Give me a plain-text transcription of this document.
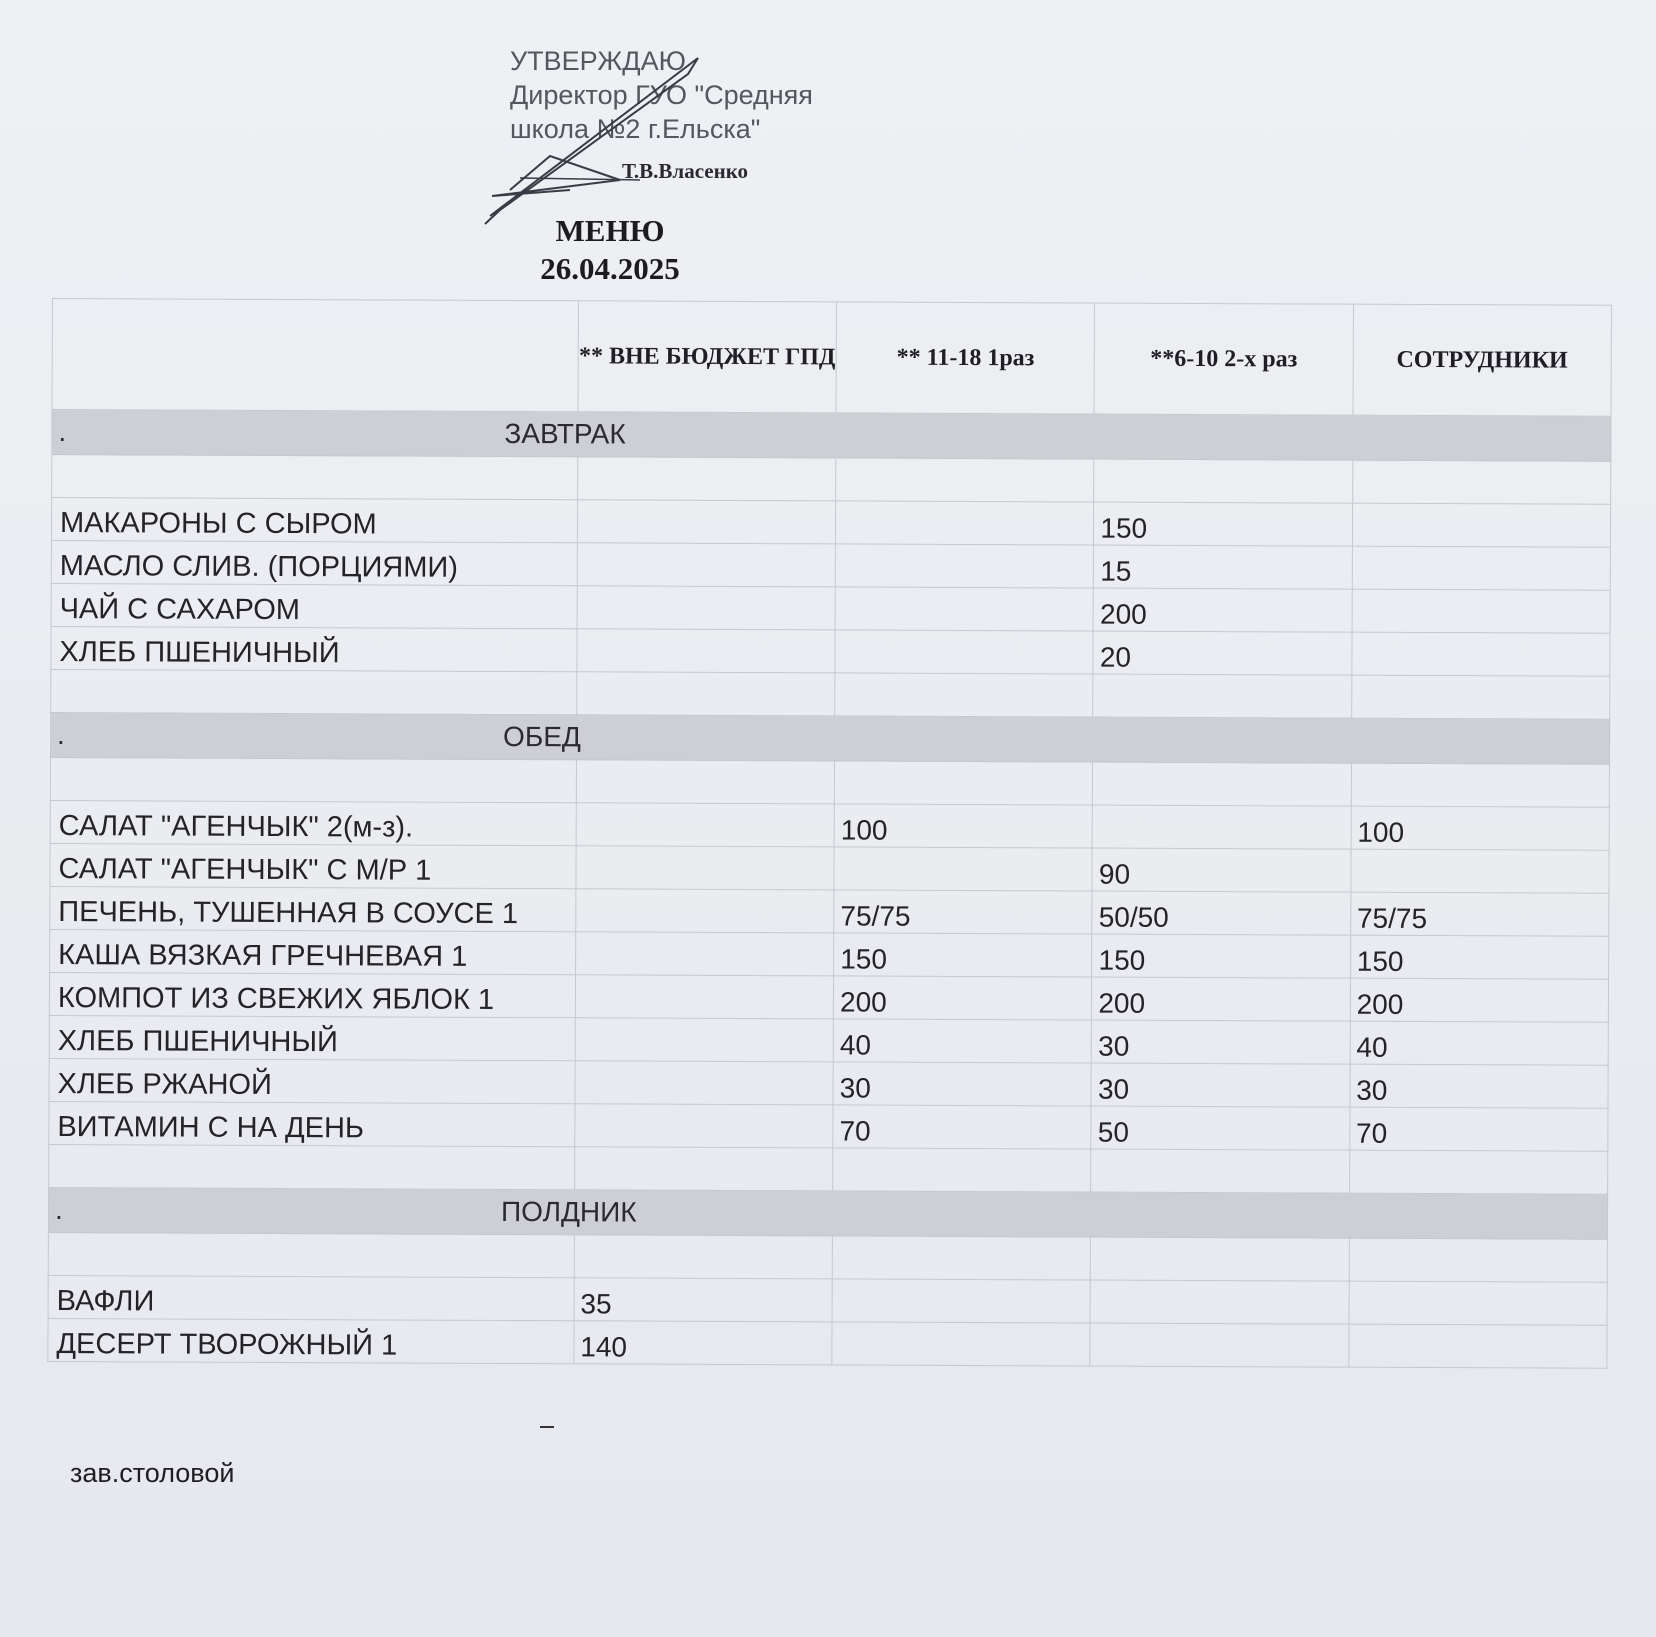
УТВЕРЖДАЮ
Директор ГУО "Средняя
школа №2 г.Ельска"
Т.В.Власенко
МЕНЮ
26.04.2025
	** ВНЕ БЮДЖЕТ ГПД	** 11-18 1раз	**6-10 2-х раз	СОТРУДНИКИ
. ЗАВТРАК				

МАКАРОНЫ С СЫРОМ			150	
МАСЛО СЛИВ. (ПОРЦИЯМИ)			15	
ЧАЙ С САХАРОМ			200	
ХЛЕБ ПШЕНИЧНЫЙ			20	

. ОБЕД				

САЛАТ "АГЕНЧЫК" 2(м-з).		100		100
САЛАТ "АГЕНЧЫК" С М/Р 1			90	
ПЕЧЕНЬ, ТУШЕННАЯ В СОУСЕ 1		75/75	50/50	75/75
КАША ВЯЗКАЯ ГРЕЧНЕВАЯ 1		150	150	150
КОМПОТ ИЗ СВЕЖИХ ЯБЛОК 1		200	200	200
ХЛЕБ ПШЕНИЧНЫЙ		40	30	40
ХЛЕБ РЖАНОЙ		30	30	30
ВИТАМИН С НА ДЕНЬ		70	50	70

. ПОЛДНИК				

ВАФЛИ	35			
ДЕСЕРТ ТВОРОЖНЫЙ 1	140			
зав.столовой
